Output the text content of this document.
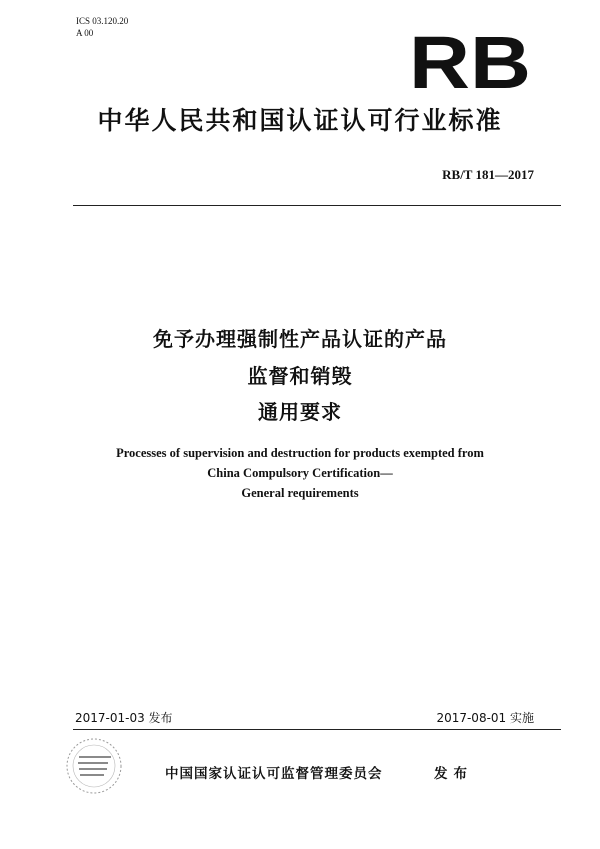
ICS 03.120.20
A 00	RB
中华人民共和国认证认可行业标准
RB/T 181—2017
免予办理强制性产品认证的产品
监督和销毁
通用要求
Processes of supervision and destruction for products exempted from
China Compulsory Certification—
General requirements
2017-01-03 发布	2017-08-01 实施
中国国家认证认可监督管理委员会	发布
